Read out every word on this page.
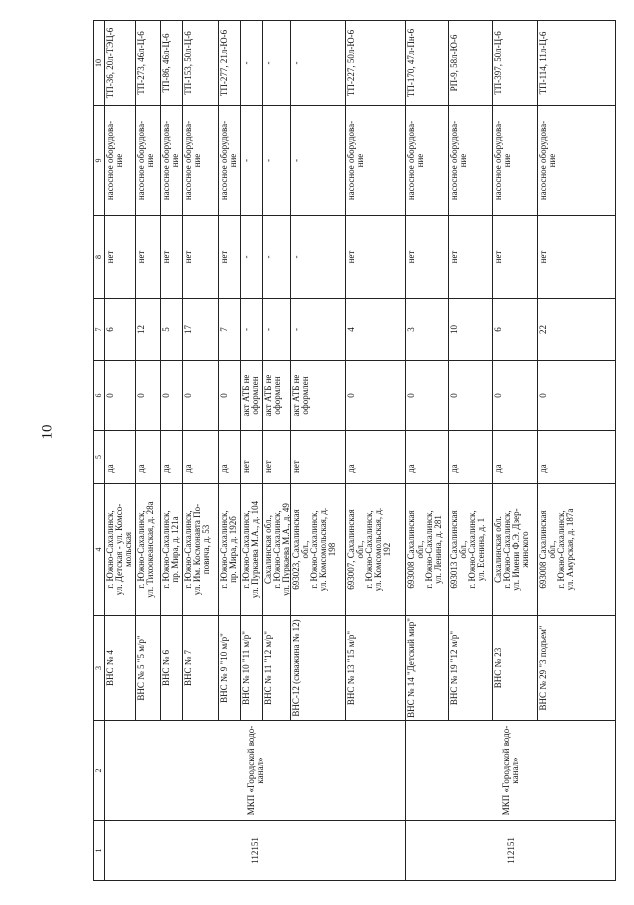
10
1
2
3
4
5
6
7
8
9
10
112151
МКП «Городской водо-
канал»
112151
МКП «Городской водо-
канал»
ВНС № 4
г. Южно-Сахалинск,
ул. Детская - ул. Комсо-
мольская
да
0
6
нет
насосное оборудова-
ние
ТП-36, 20л-ТЭЦ-6
ВНС № 5 "5 м/р"
г. Южно-Сахалинск,
ул. Тихоокеанская, д. 28а
да
0
12
нет
насосное оборудова-
ние
ТП-273, 46л-Ц-6
ВНС № 6
г. Южно-Сахалинск,
пр. Мира, д. 121а
да
0
5
нет
насосное оборудова-
ние
ТП-86, 46л-Ц-6
ВНС № 7
г. Южно-Сахалинск,
ул. Им. Космонавта По-
повича, д. 53
да
0
17
нет
насосное оборудова-
ние
ТП-153, 50л-Ц-6
ВНС № 9 "10 м/р"
г. Южно-Сахалинск,
пр. Мира, д. 192б
да
0
7
нет
насосное оборудова-
ние
ТП-277, 21л-Ю-6
ВНС № 10 "11 м/р"
г. Южно-Сахалинск,
ул. Пуркаева М.А., д. 104
нет
акт АТБ не
оформлен
-
-
-
-
ВНС № 11 "12 м/р"
Сахалинская обл.,
г. Южно-Сахалинск,
ул. Пуркаева М.А., д. 49
нет
акт АТБ не
оформлен
-
-
-
-
ВНС-12 (скважина № 12)
693023, Сахалинская
обл.,
г. Южно-Сахалинск,
ул. Комсомольская, д.
198
нет
акт АТБ не
оформлен
-
-
-
-
ВНС № 13 "15 м/р"
693007, Сахалинская
обл.,
г. Южно-Сахалинск,
ул. Комсомольская, д.
192
да
0
4
нет
насосное оборудова-
ние
ТП-227, 50л-Ю-6
ВНС № 14 "Детский мир"
693008 Сахалинская
обл.,
г. Южно-Сахалинск,
ул. Ленина, д. 281
да
0
3
нет
насосное оборудова-
ние
ТП-170, 47л-Пн-6
ВНС № 19 "12 м/р"
693013 Сахалинская
обл.,
г. Южно-Сахалинск,
ул. Есенина, д. 1
да
0
10
нет
насосное оборудова-
ние
РП-9, 58л-Ю-6
ВНС № 23
Сахалинская обл.
г. Южно-Сахалинск,
ул. Имени Ф.Э. Дзер-
жинского
да
0
6
нет
насосное оборудова-
ние
ТП-397, 50л-Ц-6
ВНС № 29 "3 подъем"
693008 Сахалинская
обл.,
г. Южно-Сахалинск,
ул. Амурская, д. 187а
да
0
22
нет
насосное оборудова-
ние
ТП-114, 11л-Ц-6
